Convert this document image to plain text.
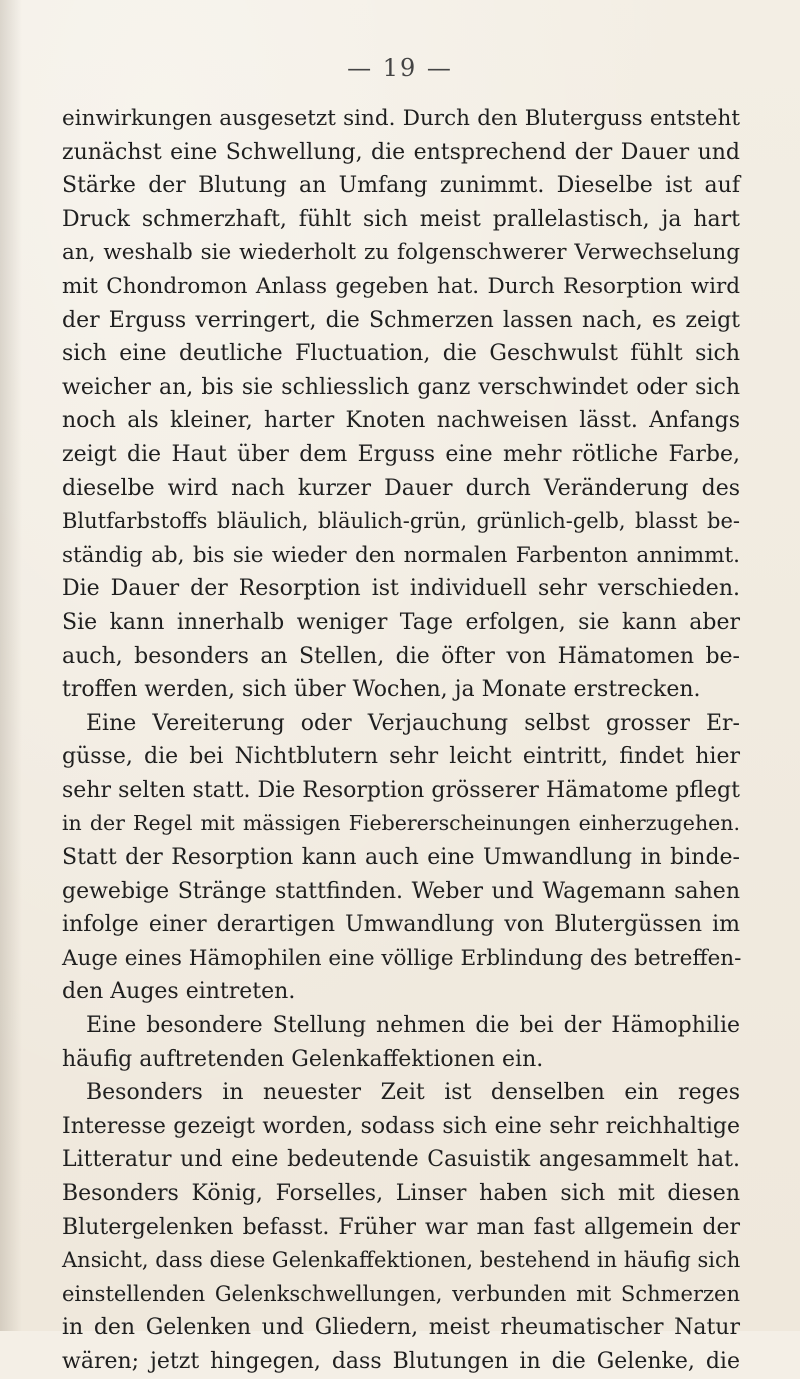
— 19 —
einwirkungen ausgesetzt sind. Durch den Bluterguss entsteht
zunächst eine Schwellung, die entsprechend der Dauer und
Stärke der Blutung an Umfang zunimmt. Dieselbe ist auf
Druck schmerzhaft, fühlt sich meist prallelastisch, ja hart
an, weshalb sie wiederholt zu folgenschwerer Verwechselung
mit Chondromon Anlass gegeben hat. Durch Resorption wird
der Erguss verringert, die Schmerzen lassen nach, es zeigt
sich eine deutliche Fluctuation, die Geschwulst fühlt sich
weicher an, bis sie schliesslich ganz verschwindet oder sich
noch als kleiner, harter Knoten nachweisen lässt. Anfangs
zeigt die Haut über dem Erguss eine mehr rötliche Farbe,
dieselbe wird nach kurzer Dauer durch Veränderung des
Blutfarbstoffs bläulich, bläulich-grün, grünlich-gelb, blasst be-
ständig ab, bis sie wieder den normalen Farbenton annimmt.
Die Dauer der Resorption ist individuell sehr verschieden.
Sie kann innerhalb weniger Tage erfolgen, sie kann aber
auch, besonders an Stellen, die öfter von Hämatomen be-
troffen werden, sich über Wochen, ja Monate erstrecken.
Eine Vereiterung oder Verjauchung selbst grosser Er-
güsse, die bei Nichtblutern sehr leicht eintritt, findet hier
sehr selten statt. Die Resorption grösserer Hämatome pflegt
in der Regel mit mässigen Fiebererscheinungen einherzugehen.
Statt der Resorption kann auch eine Umwandlung in binde-
gewebige Stränge stattfinden. Weber und Wagemann sahen
infolge einer derartigen Umwandlung von Blutergüssen im
Auge eines Hämophilen eine völlige Erblindung des betreffen-
den Auges eintreten.
Eine besondere Stellung nehmen die bei der Hämophilie
häufig auftretenden Gelenkaffektionen ein.
Besonders in neuester Zeit ist denselben ein reges
Interesse gezeigt worden, sodass sich eine sehr reichhaltige
Litteratur und eine bedeutende Casuistik angesammelt hat.
Besonders König, Forselles, Linser haben sich mit diesen
Blutergelenken befasst. Früher war man fast allgemein der
Ansicht, dass diese Gelenkaffektionen, bestehend in häufig sich
einstellenden Gelenkschwellungen, verbunden mit Schmerzen
in den Gelenken und Gliedern, meist rheumatischer Natur
wären; jetzt hingegen, dass Blutungen in die Gelenke, die
